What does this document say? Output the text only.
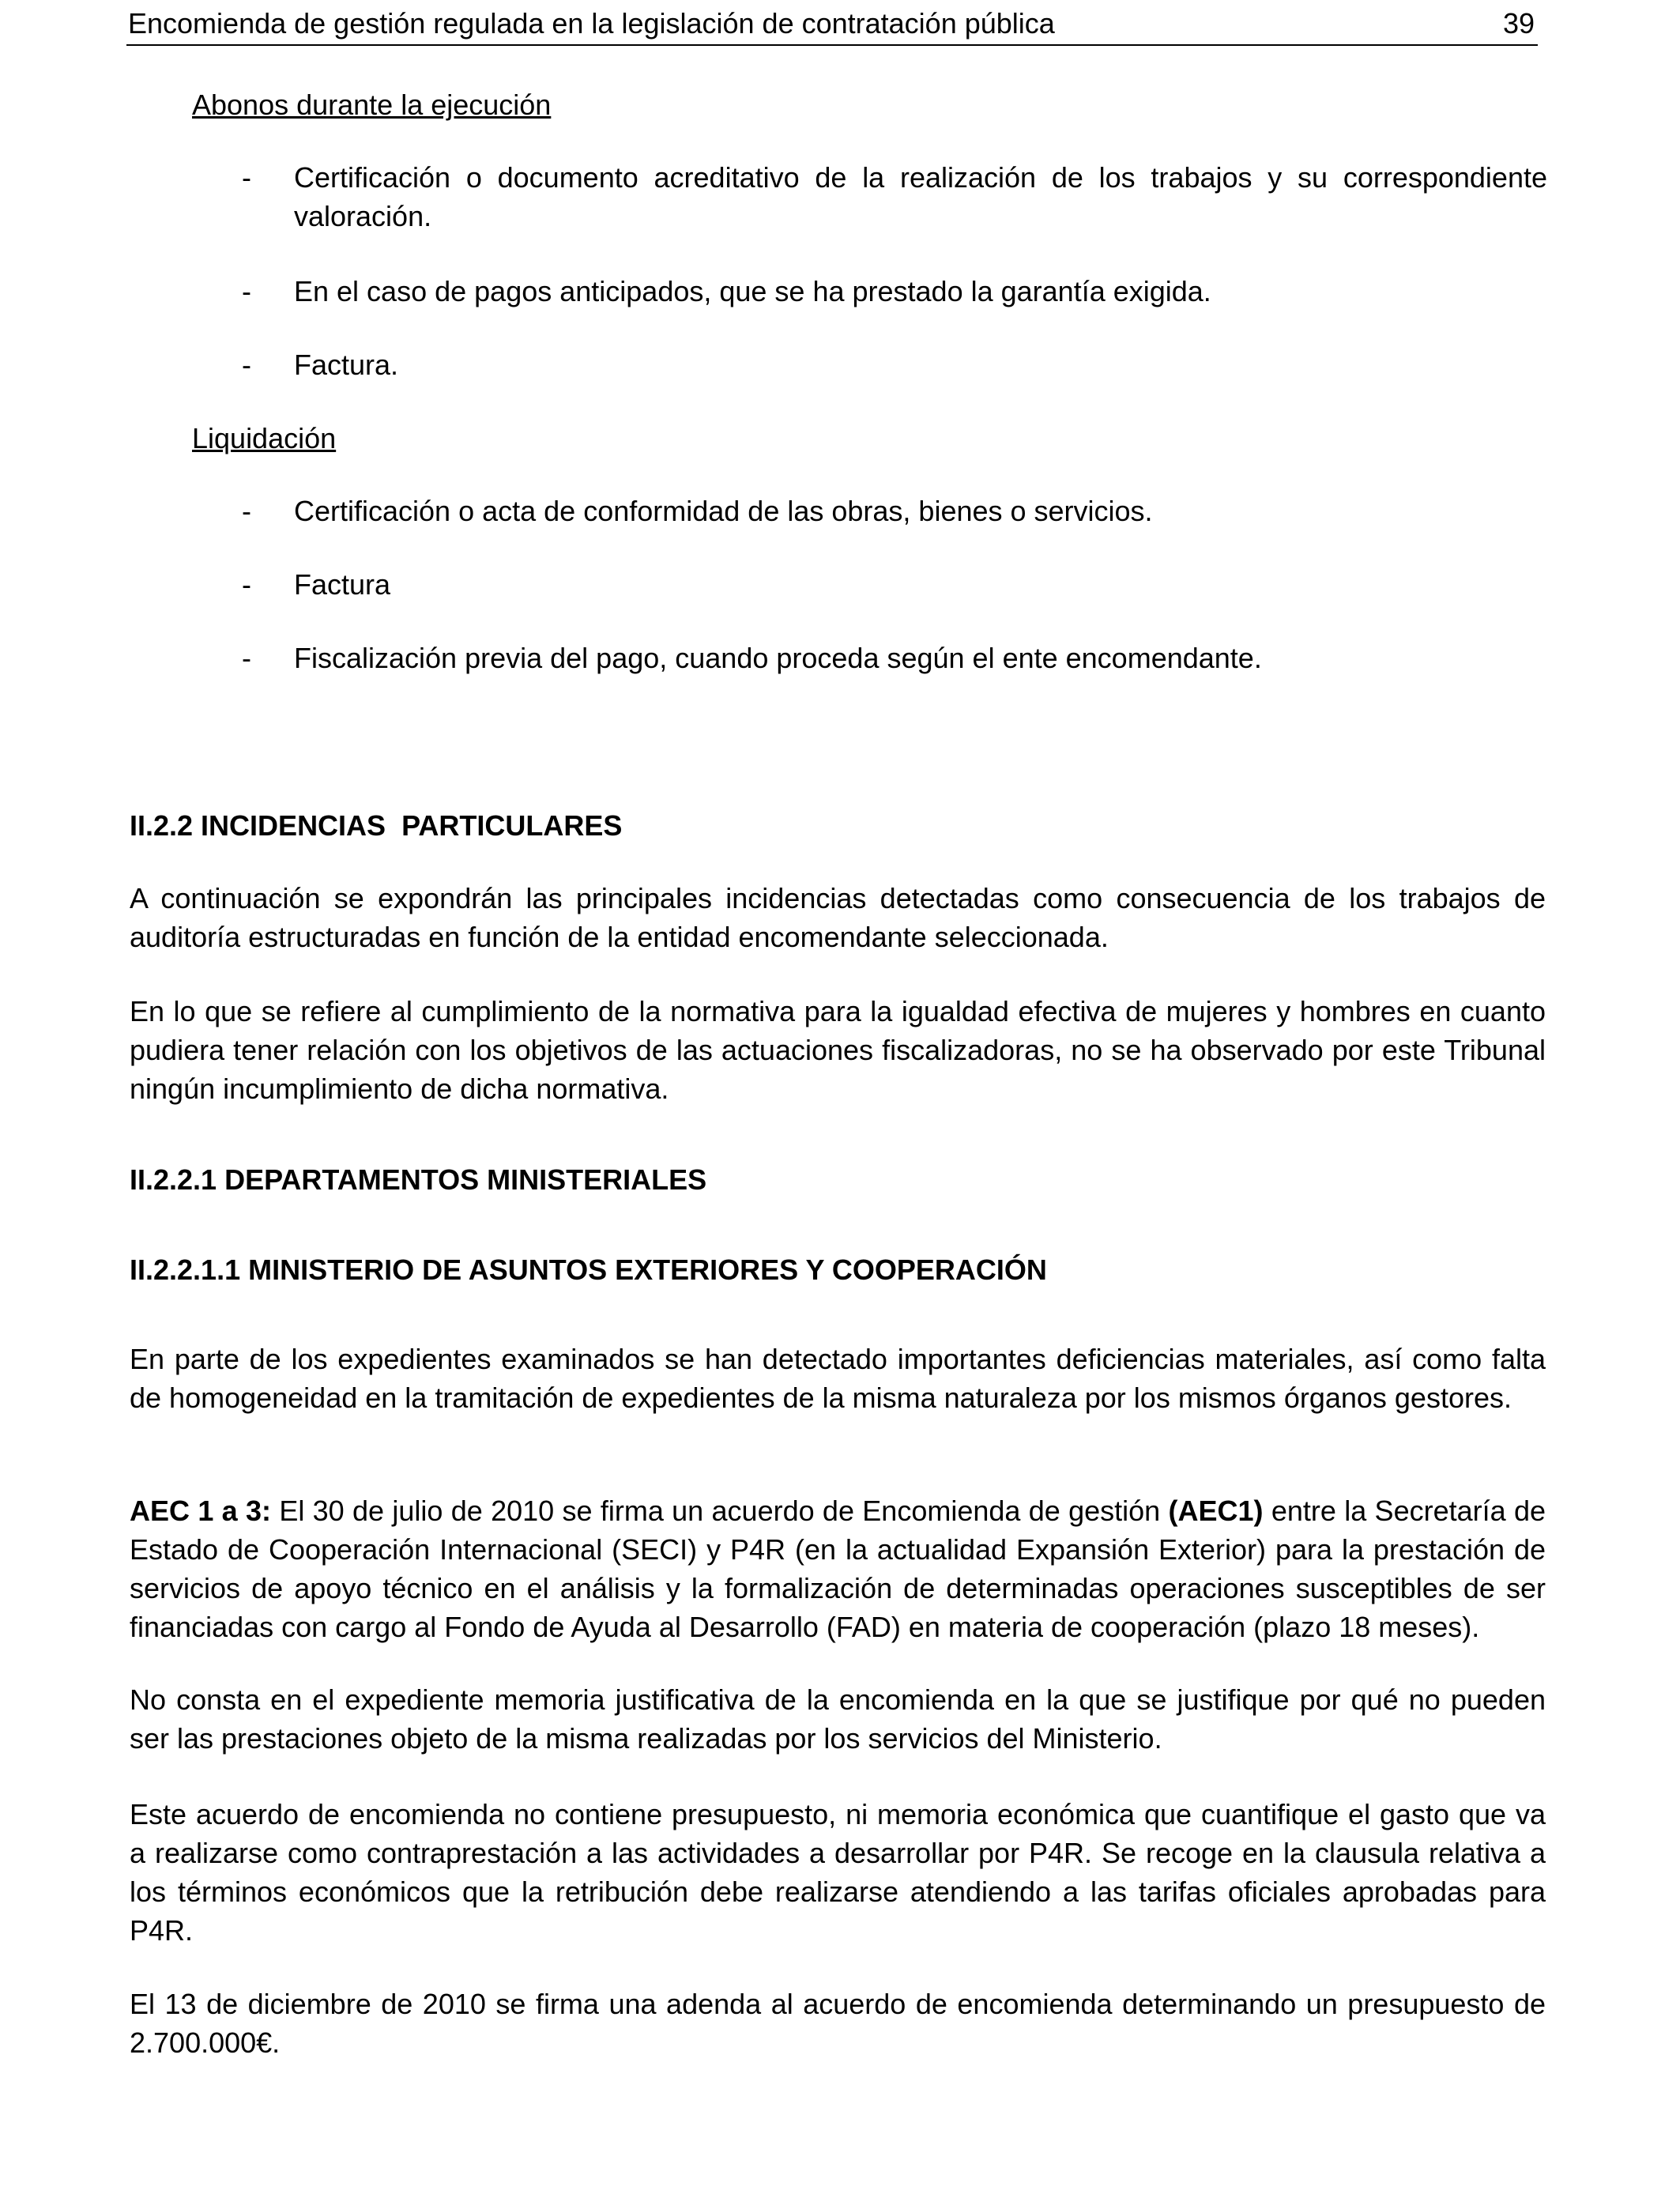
Encomienda de gestión regulada en la legislación de contratación pública	39
Abonos durante la ejecución
- Certificación o documento acreditativo de la realización de los trabajos y su correspondiente valoración.
- En el caso de pagos anticipados, que se ha prestado la garantía exigida.
- Factura.
Liquidación
- Certificación o acta de conformidad de las obras, bienes o servicios.
- Factura
- Fiscalización previa del pago, cuando proceda según el ente encomendante.
II.2.2 INCIDENCIAS  PARTICULARES
A continuación se expondrán las principales incidencias detectadas como consecuencia de los trabajos de auditoría estructuradas en función de la entidad encomendante seleccionada.
En lo que se refiere al cumplimiento de la normativa para la igualdad efectiva de mujeres y hombres en cuanto pudiera tener relación con los objetivos de las actuaciones fiscalizadoras, no se ha observado por este Tribunal ningún incumplimiento de dicha normativa.
II.2.2.1 DEPARTAMENTOS MINISTERIALES
II.2.2.1.1 MINISTERIO DE ASUNTOS EXTERIORES Y COOPERACIÓN
En parte de los expedientes examinados se han detectado importantes deficiencias materiales, así como falta de homogeneidad en la tramitación de expedientes de la misma naturaleza por los mismos órganos gestores.
AEC 1 a 3: El 30 de julio de 2010 se firma un acuerdo de Encomienda de gestión (AEC1) entre la Secretaría de Estado de Cooperación Internacional (SECI) y P4R (en la actualidad Expansión Exterior) para la prestación de servicios de apoyo técnico en el análisis y la formalización de determinadas operaciones susceptibles de ser financiadas con cargo al Fondo de Ayuda al Desarrollo (FAD) en materia de cooperación (plazo 18 meses).
No consta en el expediente memoria justificativa de la encomienda en la que se justifique por qué no pueden ser las prestaciones objeto de la misma realizadas por los servicios del Ministerio.
Este acuerdo de encomienda no contiene presupuesto, ni memoria económica que cuantifique el gasto que va a realizarse como contraprestación a las actividades a desarrollar por P4R. Se recoge en la clausula relativa a los términos económicos que la retribución debe realizarse atendiendo a las tarifas oficiales aprobadas para P4R.
El 13 de diciembre de 2010 se firma una adenda al acuerdo de encomienda determinando un presupuesto de 2.700.000€.
